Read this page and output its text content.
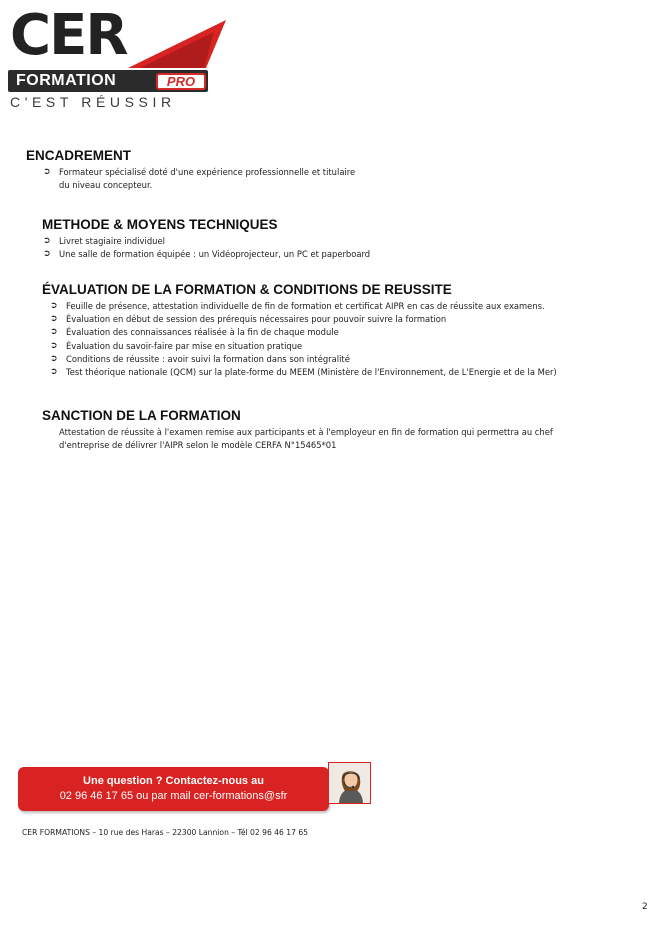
CER
FORMATION	PRO
C'EST RÉUSSIR
ENCADREMENT
➲ Formateur spécialisé doté d'une expérience professionnelle et titulaire
du niveau concepteur.
METHODE & MOYENS TECHNIQUES
➲ Livret stagiaire individuel
➲ Une salle de formation équipée : un Vidéoprojecteur, un PC et paperboard
ÉVALUATION DE LA FORMATION & CONDITIONS DE REUSSITE
➲ Feuille de présence, attestation individuelle de fin de formation et certificat AIPR en cas de réussite aux examens.
➲ Évaluation en début de session des prérequis nécessaires pour pouvoir suivre la formation
➲ Évaluation des connaissances réalisée à la fin de chaque module
➲ Évaluation du savoir-faire par mise en situation pratique
➲ Conditions de réussite : avoir suivi la formation dans son intégralité
➲ Test théorique nationale (QCM) sur la plate-forme du MEEM (Ministère de l'Environnement, de L'Energie et de la Mer)
SANCTION DE LA FORMATION
Attestation de réussite à l'examen remise aux participants et à l'employeur en fin de formation qui permettra au chef
d'entreprise de délivrer l'AIPR selon le modèle CERFA N°15465*01
Une question ? Contactez-nous au
02 96 46 17 65 ou par mail cer-formations@sfr
CER FORMATIONS – 10 rue des Haras – 22300 Lannion – Tél 02 96 46 17 65
2
